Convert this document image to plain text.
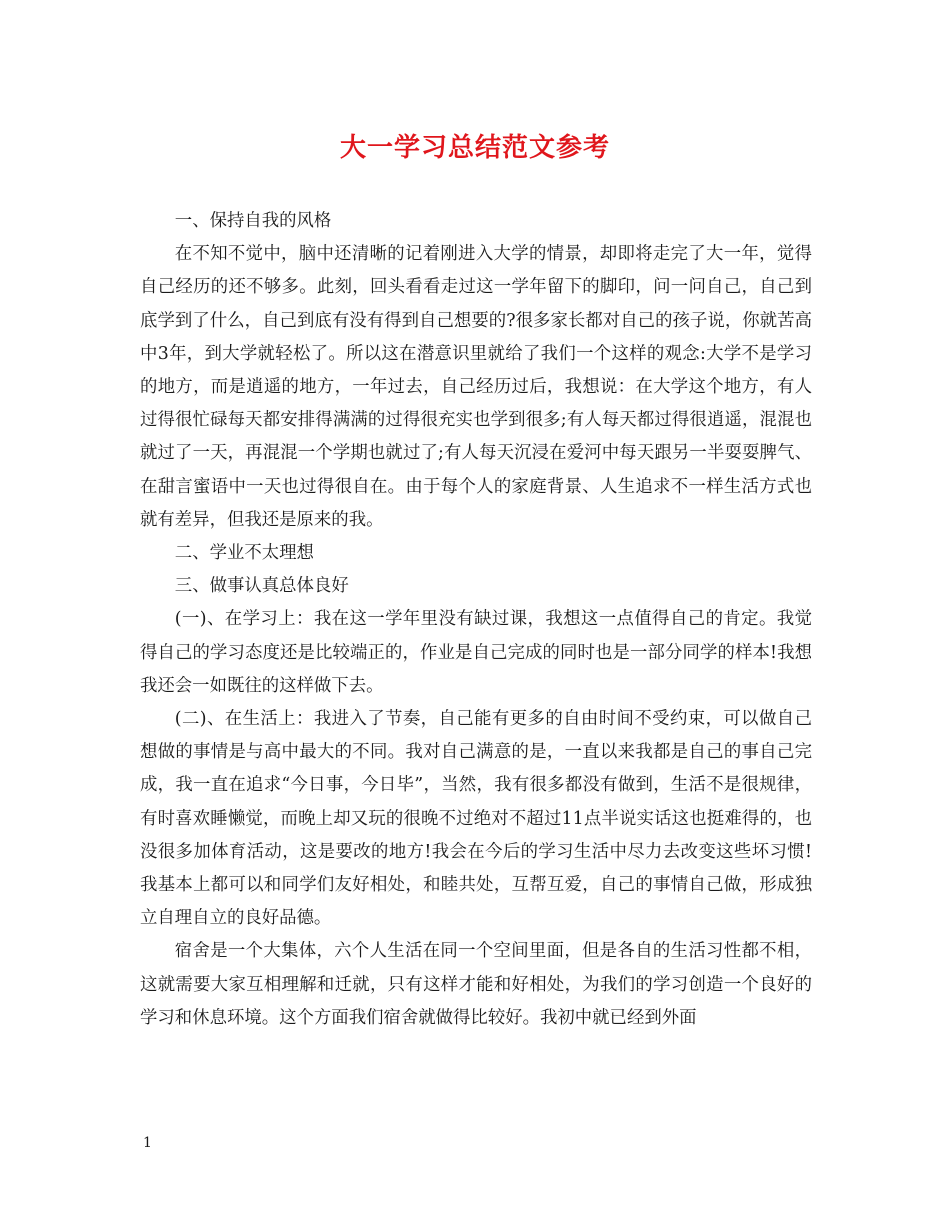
大一学习总结范文参考

一、保持自我的风格

在不知不觉中，脑中还清晰的记着刚进入大学的情景，却即将走完了大一年，觉得自己经历的还不够多。此刻，回头看看走过这一学年留下的脚印，问一问自己，自己到底学到了什么，自己到底有没有得到自己想要的?很多家长都对自己的孩子说，你就苦高中3年，到大学就轻松了。所以这在潜意识里就给了我们一个这样的观念:大学不是学习的地方，而是逍遥的地方，一年过去，自己经历过后，我想说：在大学这个地方，有人过得很忙碌每天都安排得满满的过得很充实也学到很多;有人每天都过得很逍遥，混混也就过了一天，再混混一个学期也就过了;有人每天沉浸在爱河中每天跟另一半耍耍脾气、在甜言蜜语中一天也过得很自在。由于每个人的家庭背景、人生追求不一样生活方式也就有差异，但我还是原来的我。

二、学业不太理想

三、做事认真总体良好

(一)、在学习上：我在这一学年里没有缺过课，我想这一点值得自己的肯定。我觉得自己的学习态度还是比较端正的，作业是自己完成的同时也是一部分同学的样本!我想我还会一如既往的这样做下去。

(二)、在生活上：我进入了节奏，自己能有更多的自由时间不受约束，可以做自己想做的事情是与高中最大的不同。我对自己满意的是，一直以来我都是自己的事自己完成，我一直在追求“今日事，今日毕”，当然，我有很多都没有做到，生活不是很规律，有时喜欢睡懒觉，而晚上却又玩的很晚不过绝对不超过11点半说实话这也挺难得的，也没很多加体育活动，这是要改的地方!我会在今后的学习生活中尽力去改变这些坏习惯!我基本上都可以和同学们友好相处，和睦共处，互帮互爱，自己的事情自己做，形成独立自理自立的良好品德。

宿舍是一个大集体，六个人生活在同一个空间里面，但是各自的生活习性都不相，这就需要大家互相理解和迁就，只有这样才能和好相处，为我们的学习创造一个良好的学习和休息环境。这个方面我们宿舍就做得比较好。我初中就已经到外面

1
